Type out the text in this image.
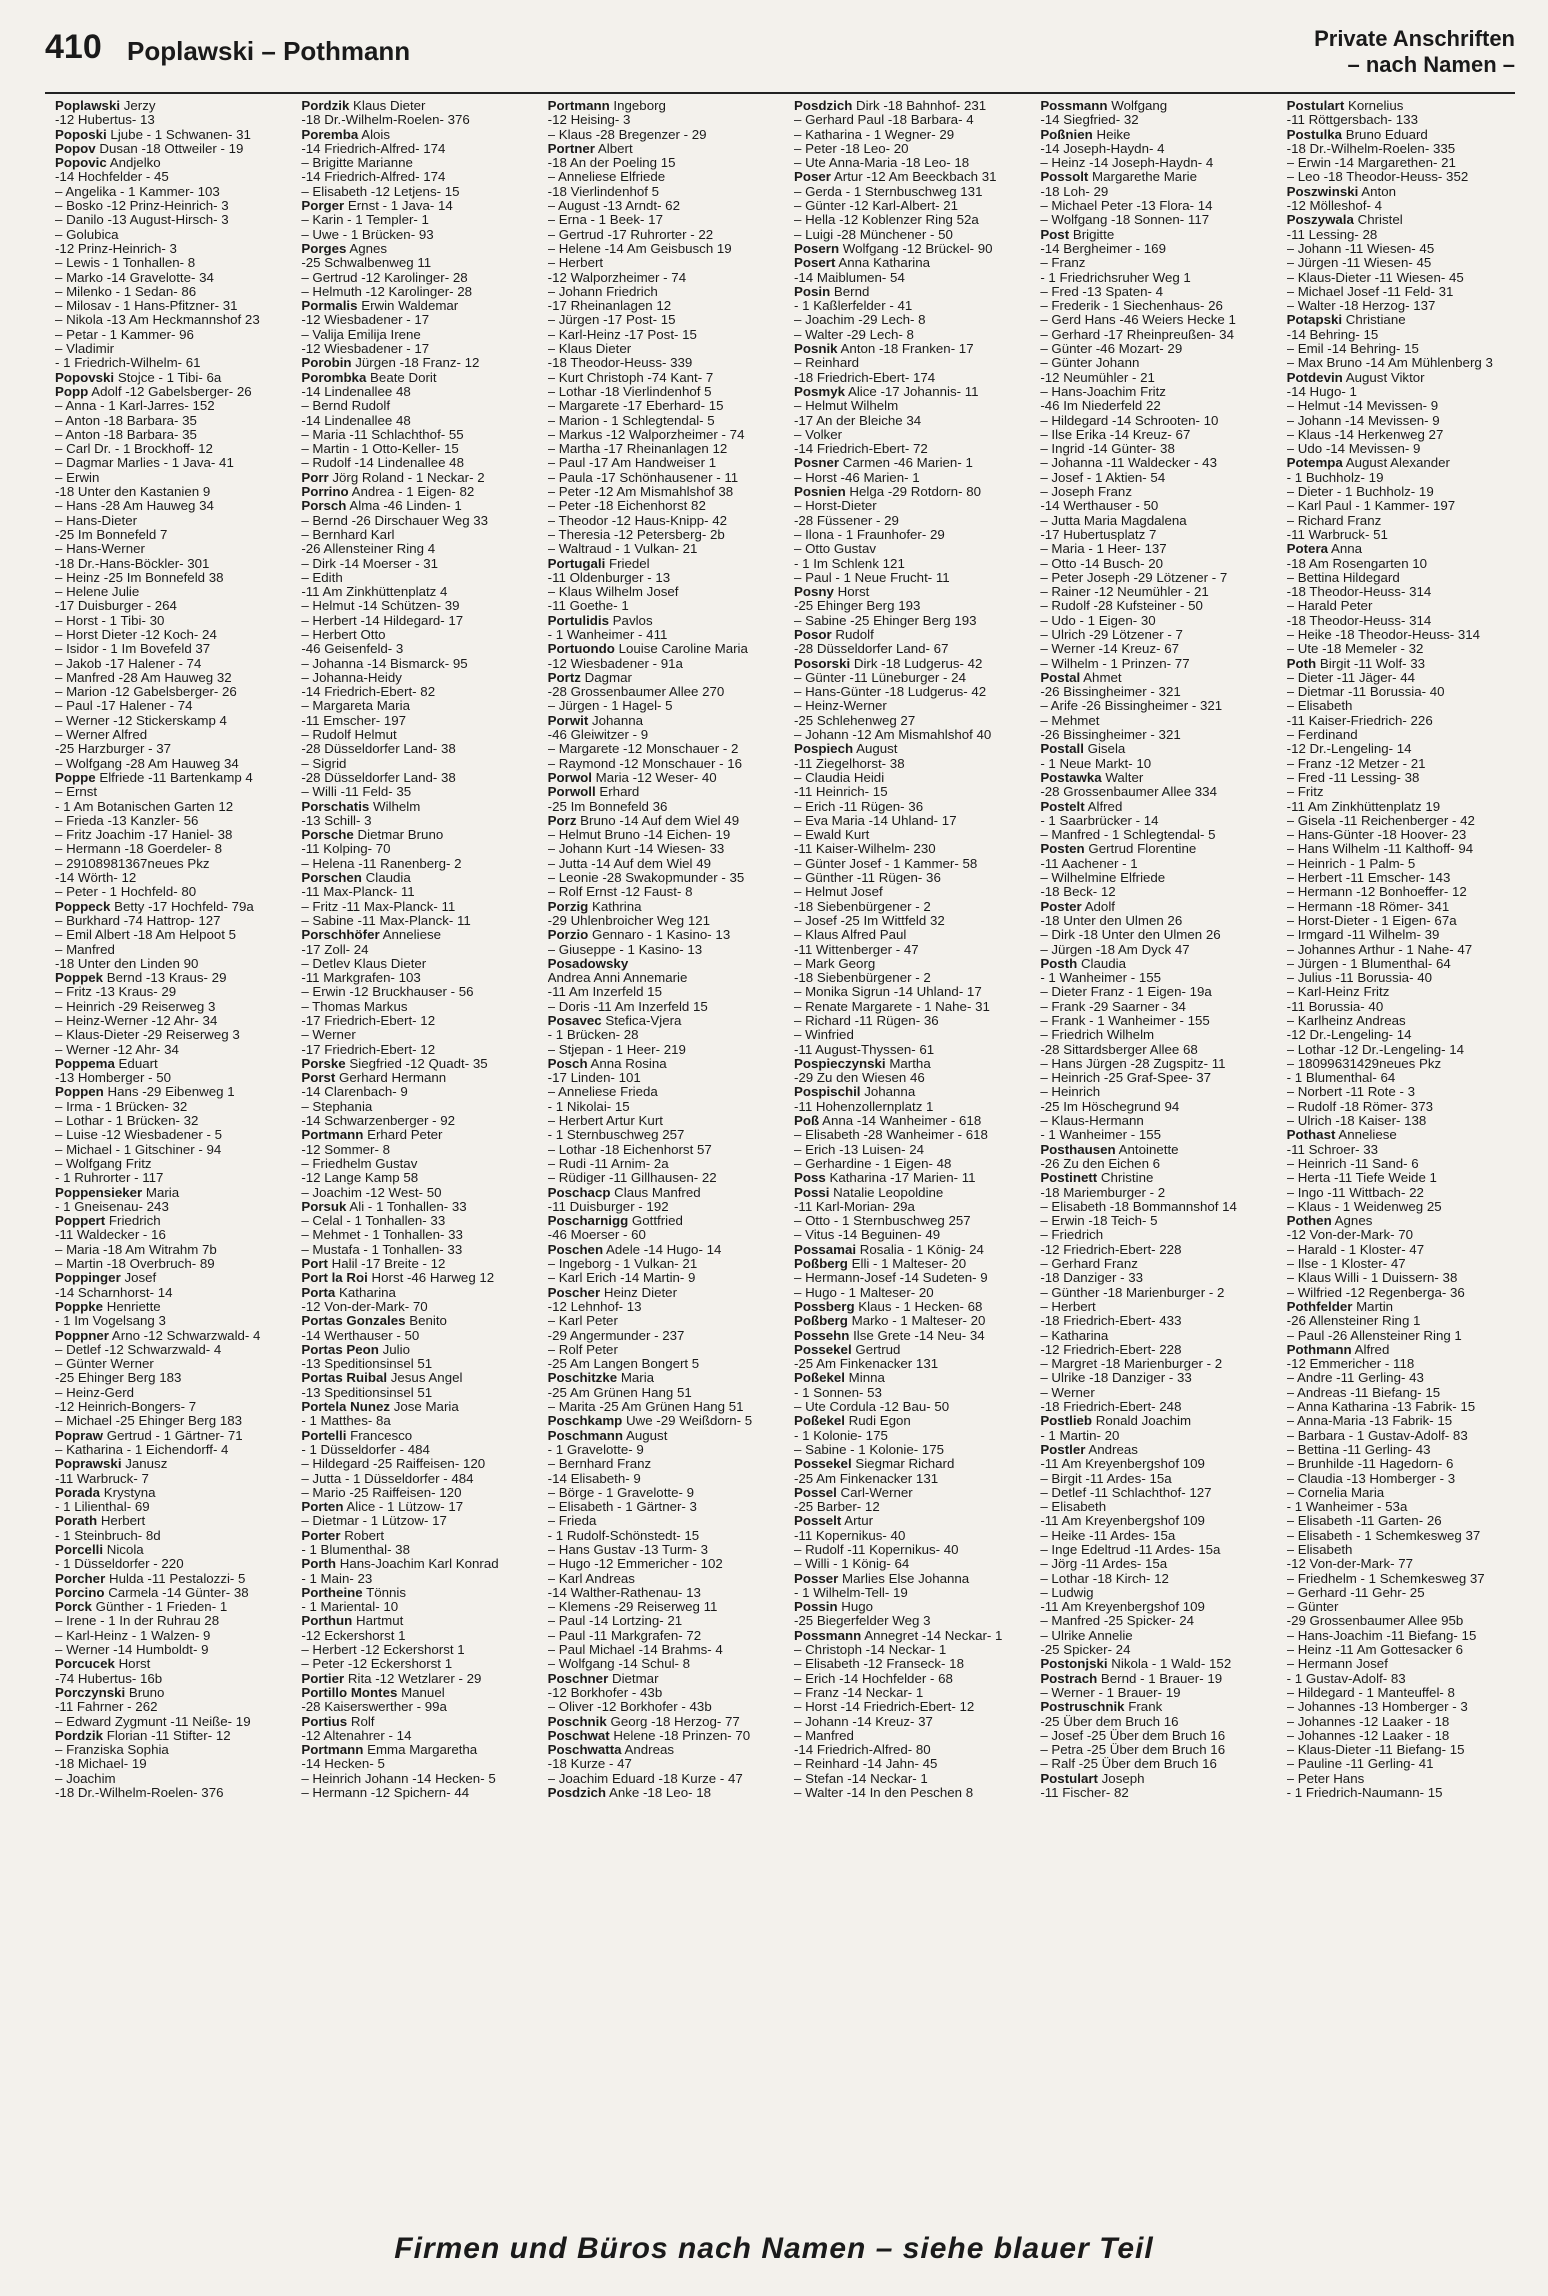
410 Poplawski – Pothmann	Private Anschriften
– nach Namen –
Poplawski Jerzy
-12 Hubertus- 13
Poposki Ljube - 1 Schwanen- 31
Popov Dusan -18 Ottweiler - 19
Popovic Andjelko
-14 Hochfelder - 45
– Angelika - 1 Kammer- 103
– Bosko -12 Prinz-Heinrich- 3
– Danilo -13 August-Hirsch- 3
– Golubica
-12 Prinz-Heinrich- 3
– Lewis - 1 Tonhallen- 8
– Marko -14 Gravelotte- 34
– Milenko - 1 Sedan- 86
– Milosav - 1 Hans-Pfitzner- 31
– Nikola -13 Am Heckmannshof 23
– Petar - 1 Kammer- 96
– Vladimir
- 1 Friedrich-Wilhelm- 61
Popovski Stojce - 1 Tibi- 6a
Popp Adolf -12 Gabelsberger- 26
– Anna - 1 Karl-Jarres- 152
– Anton -18 Barbara- 35
– Anton -18 Barbara- 35
– Carl Dr. - 1 Brockhoff- 12
– Dagmar Marlies - 1 Java- 41
– Erwin
-18 Unter den Kastanien 9
– Hans -28 Am Hauweg 34
– Hans-Dieter
-25 Im Bonnefeld 7
– Hans-Werner
-18 Dr.-Hans-Böckler- 301
– Heinz -25 Im Bonnefeld 38
– Helene Julie
-17 Duisburger - 264
– Horst - 1 Tibi- 30
– Horst Dieter -12 Koch- 24
– Isidor - 1 Im Bovefeld 37
– Jakob -17 Halener - 74
– Manfred -28 Am Hauweg 32
– Marion -12 Gabelsberger- 26
– Paul -17 Halener - 74
– Werner -12 Stickerskamp 4
– Werner Alfred
-25 Harzburger - 37
– Wolfgang -28 Am Hauweg 34
Poppe Elfriede -11 Bartenkamp 4
– Ernst
- 1 Am Botanischen Garten 12
– Frieda -13 Kanzler- 56
– Fritz Joachim -17 Haniel- 38
– Hermann -18 Goerdeler- 8
– 29108981367neues Pkz
-14 Wörth- 12
– Peter - 1 Hochfeld- 80
Poppeck Betty -17 Hochfeld- 79a
– Burkhard -74 Hattrop- 127
– Emil Albert -18 Am Helpoot 5
– Manfred
-18 Unter den Linden 90
Poppek Bernd -13 Kraus- 29
– Fritz -13 Kraus- 29
– Heinrich -29 Reiserweg 3
– Heinz-Werner -12 Ahr- 34
– Klaus-Dieter -29 Reiserweg 3
– Werner -12 Ahr- 34
Poppema Eduart
-13 Homberger - 50
Poppen Hans -29 Eibenweg 1
– Irma - 1 Brücken- 32
– Lothar - 1 Brücken- 32
– Luise -12 Wiesbadener - 5
– Michael - 1 Gitschiner - 94
– Wolfgang Fritz
- 1 Ruhrorter - 117
Poppensieker Maria
- 1 Gneisenau- 243
Poppert Friedrich
-11 Waldecker - 16
– Maria -18 Am Witrahm 7b
– Martin -18 Overbruch- 89
Poppinger Josef
-14 Scharnhorst- 14
Poppke Henriette
- 1 Im Vogelsang 3
Poppner Arno -12 Schwarzwald- 4
– Detlef -12 Schwarzwald- 4
– Günter Werner
-25 Ehinger Berg 183
– Heinz-Gerd
-12 Heinrich-Bongers- 7
– Michael -25 Ehinger Berg 183
Popraw Gertrud - 1 Gärtner- 71
– Katharina - 1 Eichendorff- 4
Poprawski Janusz
-11 Warbruck- 7
Porada Krystyna
- 1 Lilienthal- 69
Porath Herbert
- 1 Steinbruch- 8d
Porcelli Nicola
- 1 Düsseldorfer - 220
Porcher Hulda -11 Pestalozzi- 5
Porcino Carmela -14 Günter- 38
Porck Günther - 1 Frieden- 1
– Irene - 1 In der Ruhrau 28
– Karl-Heinz - 1 Walzen- 9
– Werner -14 Humboldt- 9
Porcucek Horst
-74 Hubertus- 16b
Porczynski Bruno
-11 Fahrner - 262
– Edward Zygmunt -11 Neiße- 19
Pordzik Florian -11 Stifter- 12
– Franziska Sophia
-18 Michael- 19
– Joachim
-18 Dr.-Wilhelm-Roelen- 376
Pordzik Klaus Dieter
-18 Dr.-Wilhelm-Roelen- 376
Poremba Alois
-14 Friedrich-Alfred- 174
– Brigitte Marianne
-14 Friedrich-Alfred- 174
– Elisabeth -12 Letjens- 15
Porger Ernst - 1 Java- 14
– Karin - 1 Templer- 1
– Uwe - 1 Brücken- 93
Porges Agnes
-25 Schwalbenweg 11
– Gertrud -12 Karolinger- 28
– Helmuth -12 Karolinger- 28
Pormalis Erwin Waldemar
-12 Wiesbadener - 17
– Valija Emilija Irene
-12 Wiesbadener - 17
Porobin Jürgen -18 Franz- 12
Porombka Beate Dorit
-14 Lindenallee 48
– Bernd Rudolf
-14 Lindenallee 48
– Maria -11 Schlachthof- 55
– Martin - 1 Otto-Keller- 15
– Rudolf -14 Lindenallee 48
Porr Jörg Roland - 1 Neckar- 2
Porrino Andrea - 1 Eigen- 82
Porsch Alma -46 Linden- 1
– Bernd -26 Dirschauer Weg 33
– Bernhard Karl
-26 Allensteiner Ring 4
– Dirk -14 Moerser - 31
– Edith
-11 Am Zinkhüttenplatz 4
– Helmut -14 Schützen- 39
– Herbert -14 Hildegard- 17
– Herbert Otto
-46 Geisenfeld- 3
– Johanna -14 Bismarck- 95
– Johanna-Heidy
-14 Friedrich-Ebert- 82
– Margareta Maria
-11 Emscher- 197
– Rudolf Helmut
-28 Düsseldorfer Land- 38
– Sigrid
-28 Düsseldorfer Land- 38
– Willi -11 Feld- 35
Porschatis Wilhelm
-13 Schill- 3
Porsche Dietmar Bruno
-11 Kolping- 70
– Helena -11 Ranenberg- 2
Porschen Claudia
-11 Max-Planck- 11
– Fritz -11 Max-Planck- 11
– Sabine -11 Max-Planck- 11
Porschhöfer Anneliese
-17 Zoll- 24
– Detlev Klaus Dieter
-11 Markgrafen- 103
– Erwin -12 Bruckhauser - 56
– Thomas Markus
-17 Friedrich-Ebert- 12
– Werner
-17 Friedrich-Ebert- 12
Porske Siegfried -12 Quadt- 35
Porst Gerhard Hermann
-14 Clarenbach- 9
– Stephania
-14 Schwarzenberger - 92
Portmann Erhard Peter
-12 Sommer- 8
– Friedhelm Gustav
-12 Lange Kamp 58
– Joachim -12 West- 50
Porsuk Ali - 1 Tonhallen- 33
– Celal - 1 Tonhallen- 33
– Mehmet - 1 Tonhallen- 33
– Mustafa - 1 Tonhallen- 33
Port Halil -17 Breite - 12
Port la Roi Horst -46 Harweg 12
Porta Katharina
-12 Von-der-Mark- 70
Portas Gonzales Benito
-14 Werthauser - 50
Portas Peon Julio
-13 Speditionsinsel 51
Portas Ruibal Jesus Angel
-13 Speditionsinsel 51
Portela Nunez Jose Maria
- 1 Matthes- 8a
Portelli Francesco
- 1 Düsseldorfer - 484
– Hildegard -25 Raiffeisen- 120
– Jutta - 1 Düsseldorfer - 484
– Mario -25 Raiffeisen- 120
Porten Alice - 1 Lützow- 17
– Dietmar - 1 Lützow- 17
Porter Robert
- 1 Blumenthal- 38
Porth Hans-Joachim Karl Konrad
- 1 Main- 23
Portheine Tönnis
- 1 Mariental- 10
Porthun Hartmut
-12 Eckershorst 1
– Herbert -12 Eckershorst 1
– Peter -12 Eckershorst 1
Portier Rita -12 Wetzlarer - 29
Portillo Montes Manuel
-28 Kaiserswerther - 99a
Portius Rolf
-12 Altenahrer - 14
Portmann Emma Margaretha
-14 Hecken- 5
– Heinrich Johann -14 Hecken- 5
– Hermann -12 Spichern- 44
Portmann Ingeborg
-12 Heising- 3
– Klaus -28 Bregenzer - 29
Portner Albert
-18 An der Poeling 15
– Anneliese Elfriede
-18 Vierlindenhof 5
– August -13 Arndt- 62
– Erna - 1 Beek- 17
– Gertrud -17 Ruhrorter - 22
– Helene -14 Am Geisbusch 19
– Herbert
-12 Walporzheimer - 74
– Johann Friedrich
-17 Rheinanlagen 12
– Jürgen -17 Post- 15
– Karl-Heinz -17 Post- 15
– Klaus Dieter
-18 Theodor-Heuss- 339
– Kurt Christoph -74 Kant- 7
– Lothar -18 Vierlindenhof 5
– Margarete -17 Eberhard- 15
– Marion - 1 Schlegtendal- 5
– Markus -12 Walporzheimer - 74
– Martha -17 Rheinanlagen 12
– Paul -17 Am Handweiser 1
– Paula -17 Schönhausener - 11
– Peter -12 Am Mismahlshof 38
– Peter -18 Eichenhorst 82
– Theodor -12 Haus-Knipp- 42
– Theresia -12 Petersberg- 2b
– Waltraud - 1 Vulkan- 21
Portugali Friedel
-11 Oldenburger - 13
– Klaus Wilhelm Josef
-11 Goethe- 1
Portulidis Pavlos
- 1 Wanheimer - 411
Portuondo Louise Caroline Maria
-12 Wiesbadener - 91a
Portz Dagmar
-28 Grossenbaumer Allee 270
– Jürgen - 1 Hagel- 5
Porwit Johanna
-46 Gleiwitzer - 9
– Margarete -12 Monschauer - 2
– Raymond -12 Monschauer - 16
Porwol Maria -12 Weser- 40
Porwoll Erhard
-25 Im Bonnefeld 36
Porz Bruno -14 Auf dem Wiel 49
– Helmut Bruno -14 Eichen- 19
– Johann Kurt -14 Wiesen- 33
– Jutta -14 Auf dem Wiel 49
– Leonie -28 Swakopmunder - 35
– Rolf Ernst -12 Faust- 8
Porzig Kathrina
-29 Uhlenbroicher Weg 121
Porzio Gennaro - 1 Kasino- 13
– Giuseppe - 1 Kasino- 13
Posadowsky
Andrea Anni Annemarie
-11 Am Inzerfeld 15
– Doris -11 Am Inzerfeld 15
Posavec Stefica-Vjera
- 1 Brücken- 28
– Stjepan - 1 Heer- 219
Posch Anna Rosina
-17 Linden- 101
– Anneliese Frieda
- 1 Nikolai- 15
– Herbert Artur Kurt
- 1 Sternbuschweg 257
– Lothar -18 Eichenhorst 57
– Rudi -11 Arnim- 2a
– Rüdiger -11 Gillhausen- 22
Poschacp Claus Manfred
-11 Duisburger - 192
Poscharnigg Gottfried
-46 Moerser - 60
Poschen Adele -14 Hugo- 14
– Ingeborg - 1 Vulkan- 21
– Karl Erich -14 Martin- 9
Poscher Heinz Dieter
-12 Lehnhof- 13
– Karl Peter
-29 Angermunder - 237
– Rolf Peter
-25 Am Langen Bongert 5
Poschitzke Maria
-25 Am Grünen Hang 51
– Marita -25 Am Grünen Hang 51
Poschkamp Uwe -29 Weißdorn- 5
Poschmann August
- 1 Gravelotte- 9
– Bernhard Franz
-14 Elisabeth- 9
– Börge - 1 Gravelotte- 9
– Elisabeth - 1 Gärtner- 3
– Frieda
- 1 Rudolf-Schönstedt- 15
– Hans Gustav -13 Turm- 3
– Hugo -12 Emmericher - 102
– Karl Andreas
-14 Walther-Rathenau- 13
– Klemens -29 Reiserweg 11
– Paul -14 Lortzing- 21
– Paul -11 Markgrafen- 72
– Paul Michael -14 Brahms- 4
– Wolfgang -14 Schul- 8
Poschner Dietmar
-12 Borkhofer - 43b
– Oliver -12 Borkhofer - 43b
Poschnik Georg -18 Herzog- 77
Poschwat Helene -18 Prinzen- 70
Poschwatta Andreas
-18 Kurze - 47
– Joachim Eduard -18 Kurze - 47
Posdzich Anke -18 Leo- 18
Posdzich Dirk -18 Bahnhof- 231
– Gerhard Paul -18 Barbara- 4
– Katharina - 1 Wegner- 29
– Peter -18 Leo- 20
– Ute Anna-Maria -18 Leo- 18
Poser Artur -12 Am Beeckbach 31
– Gerda - 1 Sternbuschweg 131
– Günter -12 Karl-Albert- 21
– Hella -12 Koblenzer Ring 52a
– Luigi -28 Münchener - 50
Posern Wolfgang -12 Brückel- 90
Posert Anna Katharina
-14 Maiblumen- 54
Posin Bernd
- 1 Kaßlerfelder - 41
– Joachim -29 Lech- 8
– Walter -29 Lech- 8
Posnik Anton -18 Franken- 17
– Reinhard
-18 Friedrich-Ebert- 174
Posmyk Alice -17 Johannis- 11
– Helmut Wilhelm
-17 An der Bleiche 34
– Volker
-14 Friedrich-Ebert- 72
Posner Carmen -46 Marien- 1
– Horst -46 Marien- 1
Posnien Helga -29 Rotdorn- 80
– Horst-Dieter
-28 Füssener - 29
– Ilona - 1 Fraunhofer- 29
– Otto Gustav
- 1 Im Schlenk 121
– Paul - 1 Neue Frucht- 11
Posny Horst
-25 Ehinger Berg 193
– Sabine -25 Ehinger Berg 193
Posor Rudolf
-28 Düsseldorfer Land- 67
Posorski Dirk -18 Ludgerus- 42
– Günter -11 Lüneburger - 24
– Hans-Günter -18 Ludgerus- 42
– Heinz-Werner
-25 Schlehenweg 27
– Johann -12 Am Mismahlshof 40
Pospiech August
-11 Ziegelhorst- 38
– Claudia Heidi
-11 Heinrich- 15
– Erich -11 Rügen- 36
– Eva Maria -14 Uhland- 17
– Ewald Kurt
-11 Kaiser-Wilhelm- 230
– Günter Josef - 1 Kammer- 58
– Günther -11 Rügen- 36
– Helmut Josef
-18 Siebenbürgener - 2
– Josef -25 Im Wittfeld 32
– Klaus Alfred Paul
-11 Wittenberger - 47
– Mark Georg
-18 Siebenbürgener - 2
– Monika Sigrun -14 Uhland- 17
– Renate Margarete - 1 Nahe- 31
– Richard -11 Rügen- 36
– Winfried
-11 August-Thyssen- 61
Pospieczynski Martha
-29 Zu den Wiesen 46
Pospischil Johanna
-11 Hohenzollernplatz 1
Poß Anna -14 Wanheimer - 618
– Elisabeth -28 Wanheimer - 618
– Erich -13 Luisen- 24
– Gerhardine - 1 Eigen- 48
Poss Katharina -17 Marien- 11
Possi Natalie Leopoldine
-11 Karl-Morian- 29a
– Otto - 1 Sternbuschweg 257
– Vitus -14 Beguinen- 49
Possamai Rosalia - 1 König- 24
Poßberg Elli - 1 Malteser- 20
– Hermann-Josef -14 Sudeten- 9
– Hugo - 1 Malteser- 20
Possberg Klaus - 1 Hecken- 68
Poßberg Marko - 1 Malteser- 20
Possehn Ilse Grete -14 Neu- 34
Possekel Gertrud
-25 Am Finkenacker 131
Poßekel Minna
- 1 Sonnen- 53
– Ute Cordula -12 Bau- 50
Poßekel Rudi Egon
- 1 Kolonie- 175
– Sabine - 1 Kolonie- 175
Possekel Siegmar Richard
-25 Am Finkenacker 131
Possel Carl-Werner
-25 Barber- 12
Posselt Artur
-11 Kopernikus- 40
– Rudolf -11 Kopernikus- 40
– Willi - 1 König- 64
Posser Marlies Else Johanna
- 1 Wilhelm-Tell- 19
Possin Hugo
-25 Biegerfelder Weg 3
Possmann Annegret -14 Neckar- 1
– Christoph -14 Neckar- 1
– Elisabeth -12 Franseck- 18
– Erich -14 Hochfelder - 68
– Franz -14 Neckar- 1
– Horst -14 Friedrich-Ebert- 12
– Johann -14 Kreuz- 37
– Manfred
-14 Friedrich-Alfred- 80
– Reinhard -14 Jahn- 45
– Stefan -14 Neckar- 1
– Walter -14 In den Peschen 8
Possmann Wolfgang
-14 Siegfried- 32
Poßnien Heike
-14 Joseph-Haydn- 4
– Heinz -14 Joseph-Haydn- 4
Possolt Margarethe Marie
-18 Loh- 29
– Michael Peter -13 Flora- 14
– Wolfgang -18 Sonnen- 117
Post Brigitte
-14 Bergheimer - 169
– Franz
- 1 Friedrichsruher Weg 1
– Fred -13 Spaten- 4
– Frederik - 1 Siechenhaus- 26
– Gerd Hans -46 Weiers Hecke 1
– Gerhard -17 Rheinpreußen- 34
– Günter -46 Mozart- 29
– Günter Johann
-12 Neumühler - 21
– Hans-Joachim Fritz
-46 Im Niederfeld 22
– Hildegard -14 Schrooten- 10
– Ilse Erika -14 Kreuz- 67
– Ingrid -14 Günter- 38
– Johanna -11 Waldecker - 43
– Josef - 1 Aktien- 54
– Joseph Franz
-14 Werthauser - 50
– Jutta Maria Magdalena
-17 Hubertusplatz 7
– Maria - 1 Heer- 137
– Otto -14 Busch- 20
– Peter Joseph -29 Lötzener - 7
– Rainer -12 Neumühler - 21
– Rudolf -28 Kufsteiner - 50
– Udo - 1 Eigen- 30
– Ulrich -29 Lötzener - 7
– Werner -14 Kreuz- 67
– Wilhelm - 1 Prinzen- 77
Postal Ahmet
-26 Bissingheimer - 321
– Arife -26 Bissingheimer - 321
– Mehmet
-26 Bissingheimer - 321
Postall Gisela
- 1 Neue Markt- 10
Postawka Walter
-28 Grossenbaumer Allee 334
Postelt Alfred
- 1 Saarbrücker - 14
– Manfred - 1 Schlegtendal- 5
Posten Gertrud Florentine
-11 Aachener - 1
– Wilhelmine Elfriede
-18 Beck- 12
Poster Adolf
-18 Unter den Ulmen 26
– Dirk -18 Unter den Ulmen 26
– Jürgen -18 Am Dyck 47
Posth Claudia
- 1 Wanheimer - 155
– Dieter Franz - 1 Eigen- 19a
– Frank -29 Saarner - 34
– Frank - 1 Wanheimer - 155
– Friedrich Wilhelm
-28 Sittardsberger Allee 68
– Hans Jürgen -28 Zugspitz- 11
– Heinrich -25 Graf-Spee- 37
– Heinrich
-25 Im Höschegrund 94
– Klaus-Hermann
- 1 Wanheimer - 155
Posthausen Antoinette
-26 Zu den Eichen 6
Postinett Christine
-18 Mariemburger - 2
– Elisabeth -18 Bommannshof 14
– Erwin -18 Teich- 5
– Friedrich
-12 Friedrich-Ebert- 228
– Gerhard Franz
-18 Danziger - 33
– Günther -18 Marienburger - 2
– Herbert
-18 Friedrich-Ebert- 433
– Katharina
-12 Friedrich-Ebert- 228
– Margret -18 Marienburger - 2
– Ulrike -18 Danziger - 33
– Werner
-18 Friedrich-Ebert- 248
Postlieb Ronald Joachim
- 1 Martin- 20
Postler Andreas
-11 Am Kreyenbergshof 109
– Birgit -11 Ardes- 15a
– Detlef -11 Schlachthof- 127
– Elisabeth
-11 Am Kreyenbergshof 109
– Heike -11 Ardes- 15a
– Inge Edeltrud -11 Ardes- 15a
– Jörg -11 Ardes- 15a
– Lothar -18 Kirch- 12
– Ludwig
-11 Am Kreyenbergshof 109
– Manfred -25 Spicker- 24
– Ulrike Annelie
-25 Spicker- 24
Postonjski Nikola - 1 Wald- 152
Postrach Bernd - 1 Brauer- 19
– Werner - 1 Brauer- 19
Postruschnik Frank
-25 Über dem Bruch 16
– Josef -25 Über dem Bruch 16
– Petra -25 Über dem Bruch 16
– Ralf -25 Über dem Bruch 16
Postulart Joseph
-11 Fischer- 82
Postulart Kornelius
-11 Röttgersbach- 133
Postulka Bruno Eduard
-18 Dr.-Wilhelm-Roelen- 335
– Erwin -14 Margarethen- 21
– Leo -18 Theodor-Heuss- 352
Poszwinski Anton
-12 Mölleshof- 4
Poszywala Christel
-11 Lessing- 28
– Johann -11 Wiesen- 45
– Jürgen -11 Wiesen- 45
– Klaus-Dieter -11 Wiesen- 45
– Michael Josef -11 Feld- 31
– Walter -18 Herzog- 137
Potapski Christiane
-14 Behring- 15
– Emil -14 Behring- 15
– Max Bruno -14 Am Mühlenberg 3
Potdevin August Viktor
-14 Hugo- 1
– Helmut -14 Mevissen- 9
– Johann -14 Mevissen- 9
– Klaus -14 Herkenweg 27
– Udo -14 Mevissen- 9
Potempa August Alexander
- 1 Buchholz- 19
– Dieter - 1 Buchholz- 19
– Karl Paul - 1 Kammer- 197
– Richard Franz
-11 Warbruck- 51
Potera Anna
-18 Am Rosengarten 10
– Bettina Hildegard
-18 Theodor-Heuss- 314
– Harald Peter
-18 Theodor-Heuss- 314
– Heike -18 Theodor-Heuss- 314
– Ute -18 Memeler - 32
Poth Birgit -11 Wolf- 33
– Dieter -11 Jäger- 44
– Dietmar -11 Borussia- 40
– Elisabeth
-11 Kaiser-Friedrich- 226
– Ferdinand
-12 Dr.-Lengeling- 14
– Franz -12 Metzer - 21
– Fred -11 Lessing- 38
– Fritz
-11 Am Zinkhüttenplatz 19
– Gisela -11 Reichenberger - 42
– Hans-Günter -18 Hoover- 23
– Hans Wilhelm -11 Kalthoff- 94
– Heinrich - 1 Palm- 5
– Herbert -11 Emscher- 143
– Hermann -12 Bonhoeffer- 12
– Hermann -18 Römer- 341
– Horst-Dieter - 1 Eigen- 67a
– Irmgard -11 Wilhelm- 39
– Johannes Arthur - 1 Nahe- 47
– Jürgen - 1 Blumenthal- 64
– Julius -11 Borussia- 40
– Karl-Heinz Fritz
-11 Borussia- 40
– Karlheinz Andreas
-12 Dr.-Lengeling- 14
– Lothar -12 Dr.-Lengeling- 14
– 18099631429neues Pkz
- 1 Blumenthal- 64
– Norbert -11 Rote - 3
– Rudolf -18 Römer- 373
– Ulrich -18 Kaiser- 138
Pothast Anneliese
-11 Schroer- 33
– Heinrich -11 Sand- 6
– Herta -11 Tiefe Weide 1
– Ingo -11 Wittbach- 22
– Klaus - 1 Weidenweg 25
Pothen Agnes
-12 Von-der-Mark- 70
– Harald - 1 Kloster- 47
– Ilse - 1 Kloster- 47
– Klaus Willi - 1 Duissern- 38
– Wilfried -12 Regenberga- 36
Pothfelder Martin
-26 Allensteiner Ring 1
– Paul -26 Allensteiner Ring 1
Pothmann Alfred
-12 Emmericher - 118
– Andre -11 Gerling- 43
– Andreas -11 Biefang- 15
– Anna Katharina -13 Fabrik- 15
– Anna-Maria -13 Fabrik- 15
– Barbara - 1 Gustav-Adolf- 83
– Bettina -11 Gerling- 43
– Brunhilde -11 Hagedorn- 6
– Claudia -13 Homberger - 3
– Cornelia Maria
- 1 Wanheimer - 53a
– Elisabeth -11 Garten- 26
– Elisabeth - 1 Schemkesweg 37
– Elisabeth
-12 Von-der-Mark- 77
– Friedhelm - 1 Schemkesweg 37
– Gerhard -11 Gehr- 25
– Günter
-29 Grossenbaumer Allee 95b
– Hans-Joachim -11 Biefang- 15
– Heinz -11 Am Gottesacker 6
– Hermann Josef
- 1 Gustav-Adolf- 83
– Hildegard - 1 Manteuffel- 8
– Johannes -13 Homberger - 3
– Johannes -12 Laaker - 18
– Johannes -12 Laaker - 18
– Klaus-Dieter -11 Biefang- 15
– Pauline -11 Gerling- 41
– Peter Hans
- 1 Friedrich-Naumann- 15
Firmen und Büros nach Namen – siehe blauer Teil
